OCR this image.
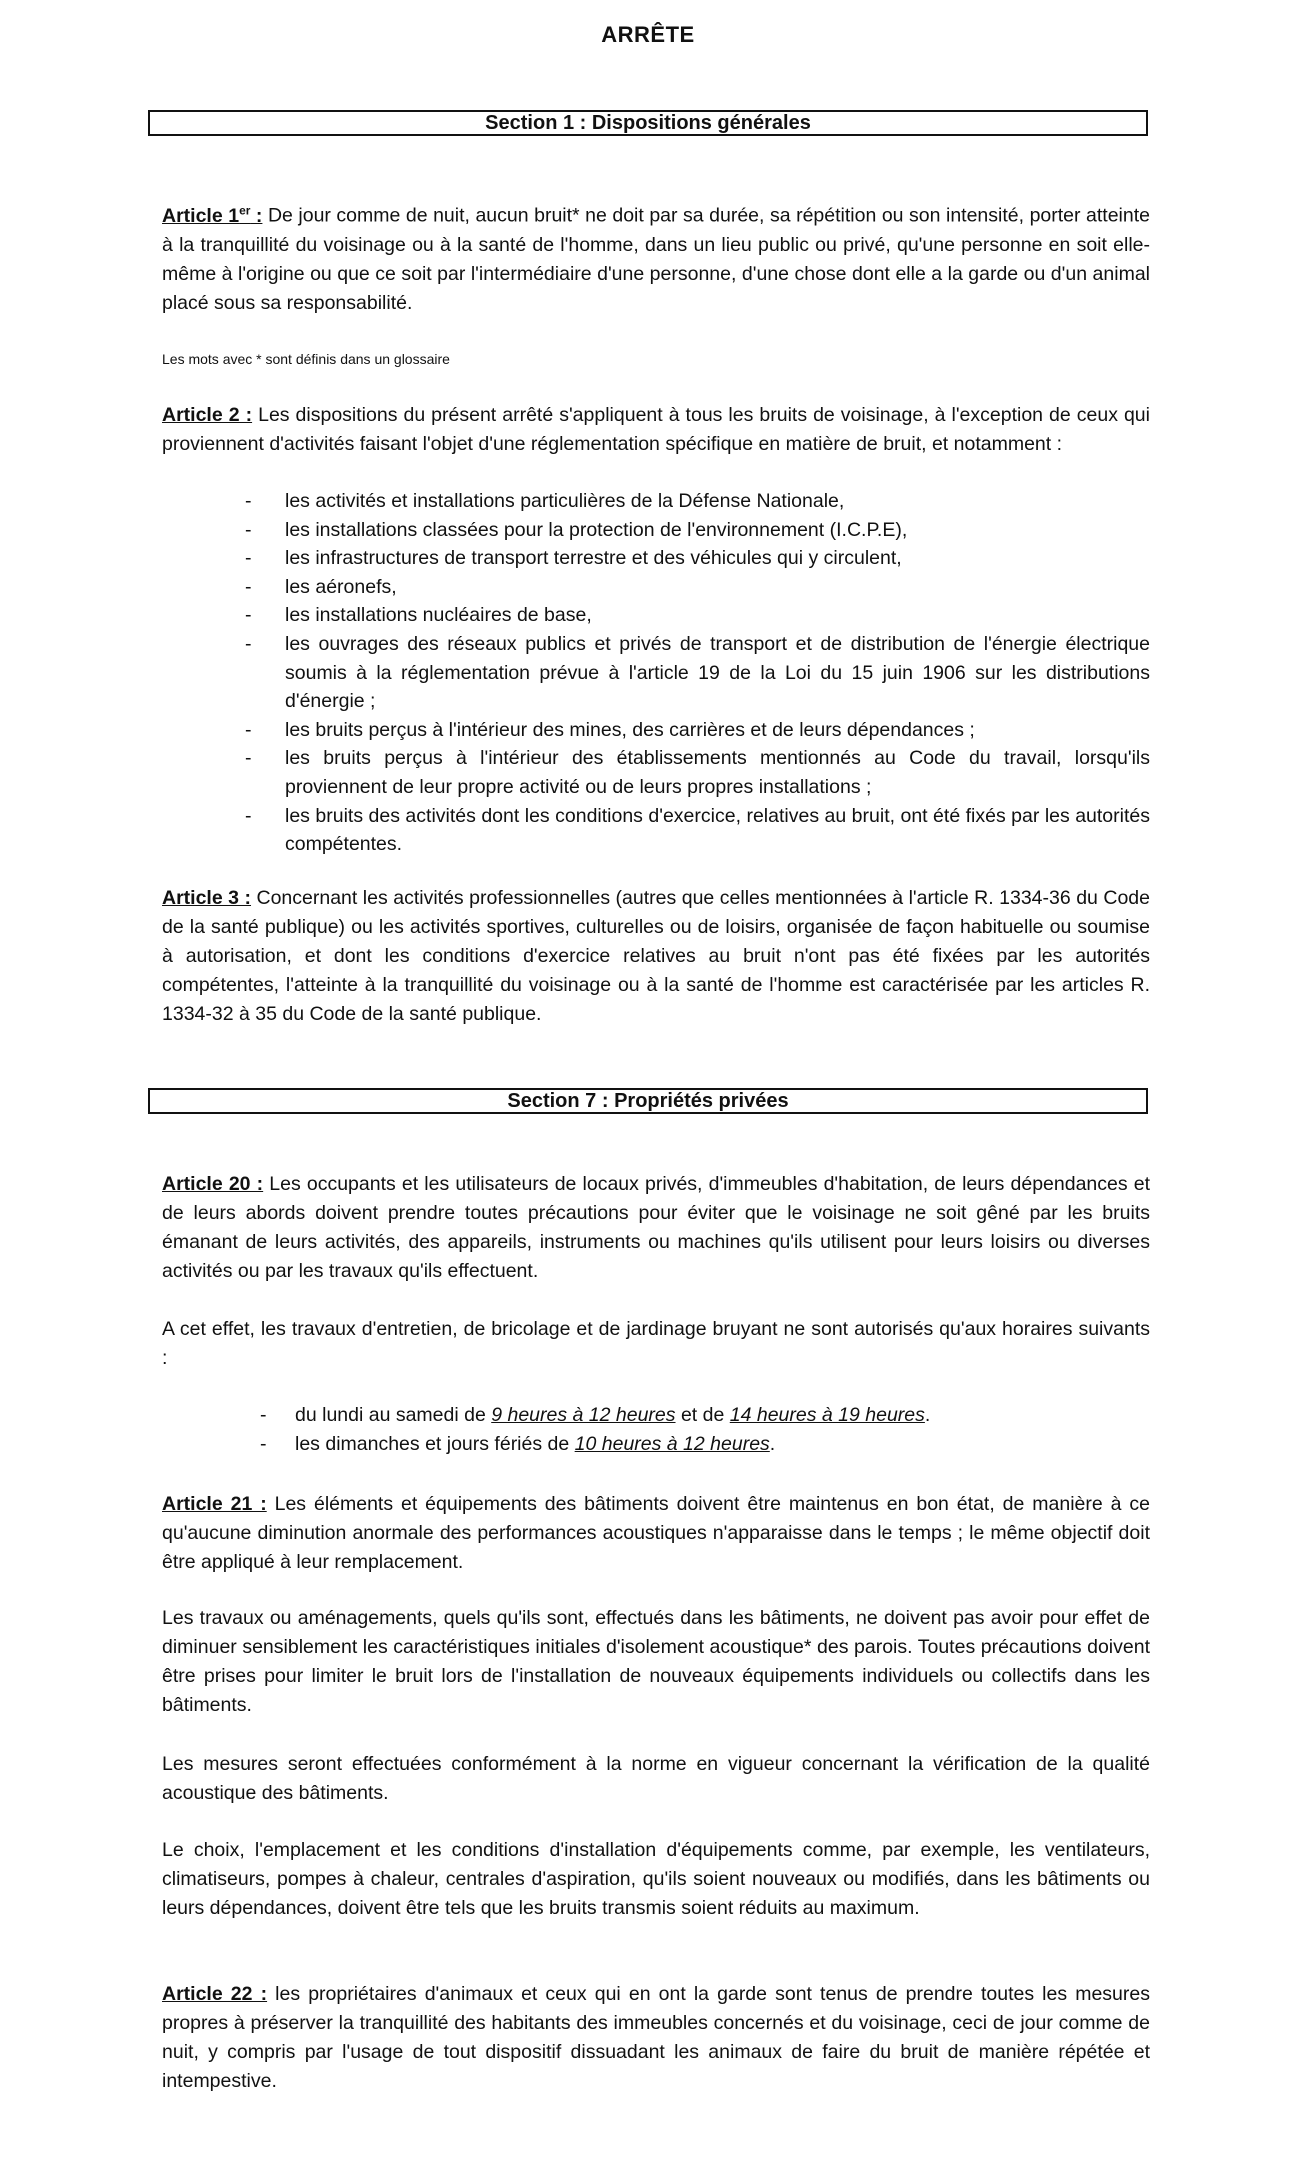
ARRÊTE
Section 1 : Dispositions générales
Article 1er : De jour comme de nuit, aucun bruit* ne doit par sa durée, sa répétition ou son intensité, porter atteinte à la tranquillité du voisinage ou à la santé de l'homme, dans un lieu public ou privé, qu'une personne en soit elle-même à l'origine ou que ce soit par l'intermédiaire d'une personne, d'une chose dont elle a la garde ou d'un animal placé sous sa responsabilité.
Les mots avec * sont définis dans un glossaire
Article 2 : Les dispositions du présent arrêté s'appliquent à tous les bruits de voisinage, à l'exception de ceux qui proviennent d'activités faisant l'objet d'une réglementation spécifique en matière de bruit, et notamment :
- les activités et installations particulières de la Défense Nationale,
- les installations classées pour la protection de l'environnement (I.C.P.E),
- les infrastructures de transport terrestre et des véhicules qui y circulent,
- les aéronefs,
- les installations nucléaires de base,
- les ouvrages des réseaux publics et privés de transport et de distribution de l'énergie électrique soumis à la réglementation prévue à l'article 19 de la Loi du 15 juin 1906 sur les distributions d'énergie ;
- les bruits perçus à l'intérieur des mines, des carrières et de leurs dépendances ;
- les bruits perçus à l'intérieur des établissements mentionnés au Code du travail, lorsqu'ils proviennent de leur propre activité ou de leurs propres installations ;
- les bruits des activités dont les conditions d'exercice, relatives au bruit, ont été fixés par les autorités compétentes.
Article 3 : Concernant les activités professionnelles (autres que celles mentionnées à l'article R. 1334-36 du Code de la santé publique) ou les activités sportives, culturelles ou de loisirs, organisée de façon habituelle ou soumise à autorisation, et dont les conditions d'exercice relatives au bruit n'ont pas été fixées par les autorités compétentes, l'atteinte à la tranquillité du voisinage ou à la santé de l'homme est caractérisée par les articles R. 1334-32 à 35 du Code de la santé publique.
Section 7 : Propriétés privées
Article 20 : Les occupants et les utilisateurs de locaux privés, d'immeubles d'habitation, de leurs dépendances et de leurs abords doivent prendre toutes précautions pour éviter que le voisinage ne soit gêné par les bruits émanant de leurs activités, des appareils, instruments ou machines qu'ils utilisent pour leurs loisirs ou diverses activités ou par les travaux qu'ils effectuent.
A cet effet, les travaux d'entretien, de bricolage et de jardinage bruyant ne sont autorisés qu'aux horaires suivants :
- du lundi au samedi de 9 heures à 12 heures et de 14 heures à 19 heures.
- les dimanches et jours fériés de 10 heures à 12 heures.
Article 21 : Les éléments et équipements des bâtiments doivent être maintenus en bon état, de manière à ce qu'aucune diminution anormale des performances acoustiques n'apparaisse dans le temps ; le même objectif doit être appliqué à leur remplacement.
Les travaux ou aménagements, quels qu'ils sont, effectués dans les bâtiments, ne doivent pas avoir pour effet de diminuer sensiblement les caractéristiques initiales d'isolement acoustique* des parois. Toutes précautions doivent être prises pour limiter le bruit lors de l'installation de nouveaux équipements individuels ou collectifs dans les bâtiments.
Les mesures seront effectuées conformément à la norme en vigueur concernant la vérification de la qualité acoustique des bâtiments.
Le choix, l'emplacement et les conditions d'installation d'équipements comme, par exemple, les ventilateurs, climatiseurs, pompes à chaleur, centrales d'aspiration, qu'ils soient nouveaux ou modifiés, dans les bâtiments ou leurs dépendances, doivent être tels que les bruits transmis soient réduits au maximum.
Article 22 : les propriétaires d'animaux et ceux qui en ont la garde sont tenus de prendre toutes les mesures propres à préserver la tranquillité des habitants des immeubles concernés et du voisinage, ceci de jour comme de nuit, y compris par l'usage de tout dispositif dissuadant les animaux de faire du bruit de manière répétée et intempestive.
